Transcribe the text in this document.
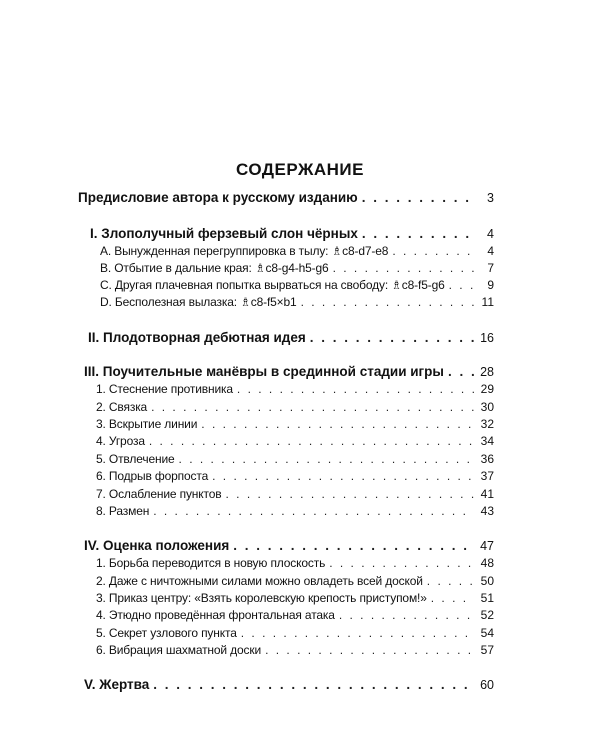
СОДЕРЖАНИЕ
Предисловие автора к русскому изданию . . .	3
I. Злополучный ферзевый слон чёрных . . .	4
A. Вынужденная перегруппировка в тылу: ♗c8-d7-e8 . . .	4
B. Отбытие в дальние края: ♗c8-g4-h5-g6 . . .	7
C. Другая плачевная попытка вырваться на свободу: ♗c8-f5-g6 . . .	9
D. Бесполезная вылазка: ♗c8-f5×b1 . . .	11
II. Плодотворная дебютная идея . . .	16
III. Поучительные манёвры в срединной стадии игры . . .	28
1. Стеснение противника . . .	29
2. Связка . . .	30
3. Вскрытие линии . . .	32
4. Угроза . . .	34
5. Отвлечение . . .	36
6. Подрыв форпоста . . .	37
7. Ослабление пунктов . . .	41
8. Размен . . .	43
IV. Оценка положения . . .	47
1. Борьба переводится в новую плоскость . . .	48
2. Даже с ничтожными силами можно овладеть всей доской . . .	50
3. Приказ центру: «Взять королевскую крепость приступом!» . . .	51
4. Этюдно проведённая фронтальная атака . . .	52
5. Секрет узлового пункта . . .	54
6. Вибрация шахматной доски . . .	57
V. Жертва . . .	60
